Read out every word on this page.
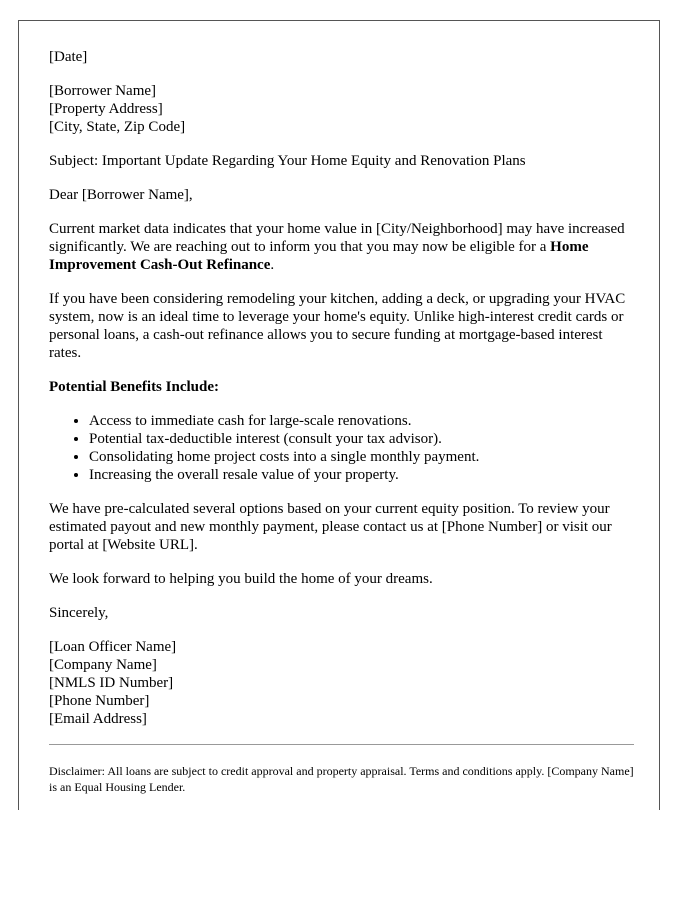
[Date]

[Borrower Name]
[Property Address]
[City, State, Zip Code]

Subject: Important Update Regarding Your Home Equity and Renovation Plans

Dear [Borrower Name],

Current market data indicates that your home value in [City/Neighborhood] may have increased significantly. We are reaching out to inform you that you may now be eligible for a Home Improvement Cash-Out Refinance.

If you have been considering remodeling your kitchen, adding a deck, or upgrading your HVAC system, now is an ideal time to leverage your home's equity. Unlike high-interest credit cards or personal loans, a cash-out refinance allows you to secure funding at mortgage-based interest rates.

Potential Benefits Include:

• Access to immediate cash for large-scale renovations.
• Potential tax-deductible interest (consult your tax advisor).
• Consolidating home project costs into a single monthly payment.
• Increasing the overall resale value of your property.

We have pre-calculated several options based on your current equity position. To review your estimated payout and new monthly payment, please contact us at [Phone Number] or visit our portal at [Website URL].

We look forward to helping you build the home of your dreams.

Sincerely,

[Loan Officer Name]
[Company Name]
[NMLS ID Number]
[Phone Number]
[Email Address]

Disclaimer: All loans are subject to credit approval and property appraisal. Terms and conditions apply. [Company Name] is an Equal Housing Lender.
